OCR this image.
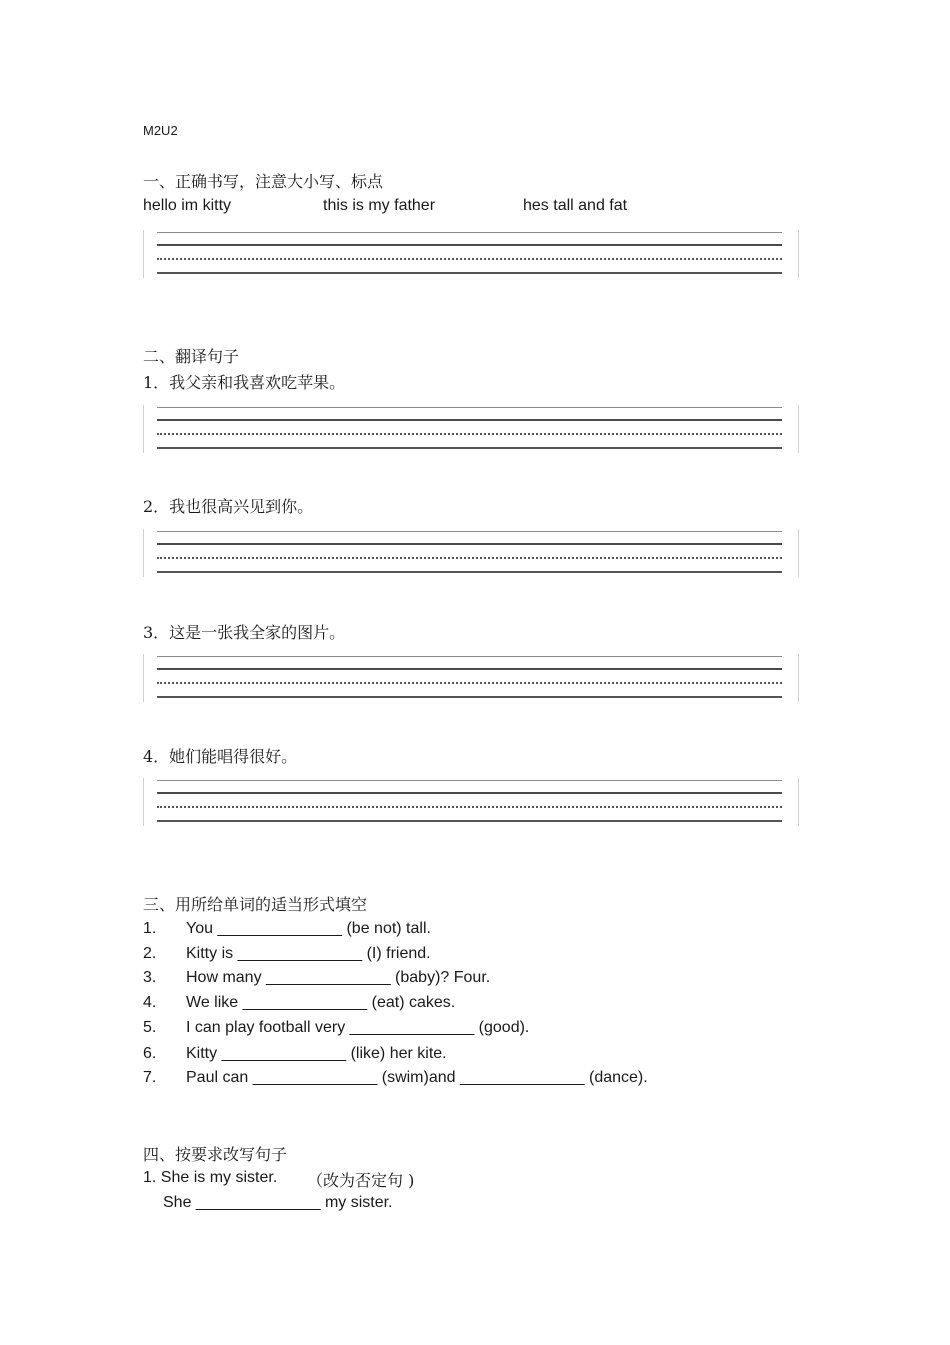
M2U2
一、正确书写，注意大小写、标点
hello im kitty	this is my father	hes tall and fat
二、翻译句子
1．我父亲和我喜欢吃苹果。
2．我也很高兴见到你。
3．这是一张我全家的图片。
4．她们能唱得很好。
三、用所给单词的适当形式填空
1. You ______________ (be not) tall.
2. Kitty is ______________ (I) friend.
3. How many ______________ (baby)? Four.
4. We like ______________ (eat) cakes.
5. I can play football very ______________ (good).
6. Kitty ______________ (like) her kite.
7. Paul can ______________ (swim)and ______________ (dance).
四、按要求改写句子
1. She is my sister. （改为否定句 )
She ______________ my sister.
